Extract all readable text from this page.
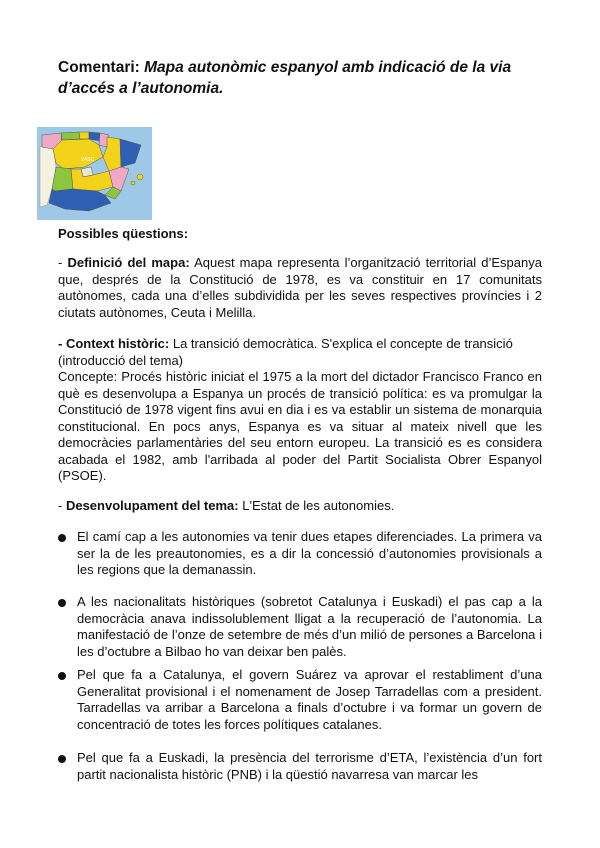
Comentari: Mapa autonòmic espanyol amb indicació de la via d’accés a l’autonomia.
VASC
Possibles qüestions:
- Definició del mapa: Aquest mapa representa l’organització territorial d’Espanya que, després de la Constitució de 1978, es va constituir en 17 comunitats autònomes, cada una d’elles subdividida per les seves respectives províncies i 2 ciutats autònomes, Ceuta i Melilla.
- Context històric: La transició democràtica. S'explica el concepte de transició (introducció del tema)
Concepte: Procés històric iniciat el 1975 a la mort del dictador Francisco Franco en què es desenvolupa a Espanya un procés de transició política: es va promulgar la Constitució de 1978 vigent fins avui en dia i es va establir un sistema de monarquia constitucional. En pocs anys, Espanya es va situar al mateix nivell que les democràcies parlamentàries del seu entorn europeu. La transició es es considera acabada el 1982, amb l'arribada al poder del Partit Socialista Obrer Espanyol (PSOE).
- Desenvolupament del tema: L'Estat de les autonomies.
El camí cap a les autonomies va tenir dues etapes diferenciades. La primera va ser la de les preautonomies, es a dir la concessió d’autonomies provisionals a les regions que la demanassin.
A les nacionalitats històriques (sobretot Catalunya i Euskadi) el pas cap a la democràcia anava indissolublement lligat a la recuperació de l’autonomia. La manifestació de l’onze de setembre de més d’un milió de persones a Barcelona i les d’octubre a Bilbao ho van deixar ben palès.
Pel que fa a Catalunya, el govern Suárez va aprovar el restabliment d’una Generalitat provisional i el nomenament de Josep Tarradellas com a president. Tarradellas va arribar a Barcelona a finals d’octubre i va formar un govern de concentració de totes les forces polítiques catalanes.
Pel que fa a Euskadi, la presència del terrorisme d’ETA, l’existència d’un fort partit nacionalista històric (PNB) i la qüestió navarresa van marcar les
